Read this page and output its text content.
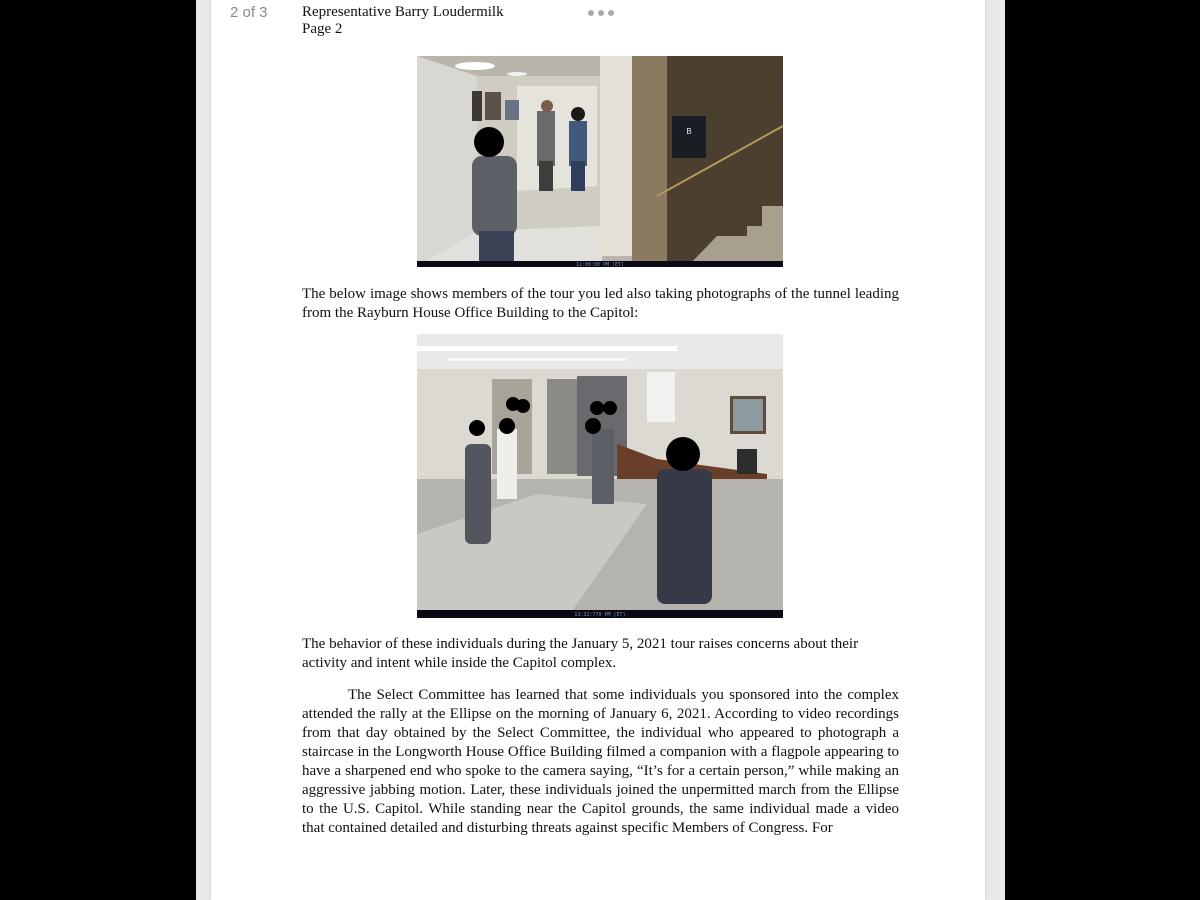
2 of 3 Representative Barry Loudermilk
Page 2
B
12:00:00 PM (ET)

The below image shows members of the tour you led also taking photographs of the tunnel leading from the Rayburn House Office Building to the Capitol:

13:32:770 PM (ET)

The behavior of these individuals during the January 5, 2021 tour raises concerns about their activity and intent while inside the Capitol complex.

The Select Committee has learned that some individuals you sponsored into the complex attended the rally at the Ellipse on the morning of January 6, 2021. According to video recordings from that day obtained by the Select Committee, the individual who appeared to photograph a staircase in the Longworth House Office Building filmed a companion with a flagpole appearing to have a sharpened end who spoke to the camera saying, “It’s for a certain person,” while making an aggressive jabbing motion. Later, these individuals joined the unpermitted march from the Ellipse to the U.S. Capitol. While standing near the Capitol grounds, the same individual made a video that contained detailed and disturbing threats against specific Members of Congress. For
